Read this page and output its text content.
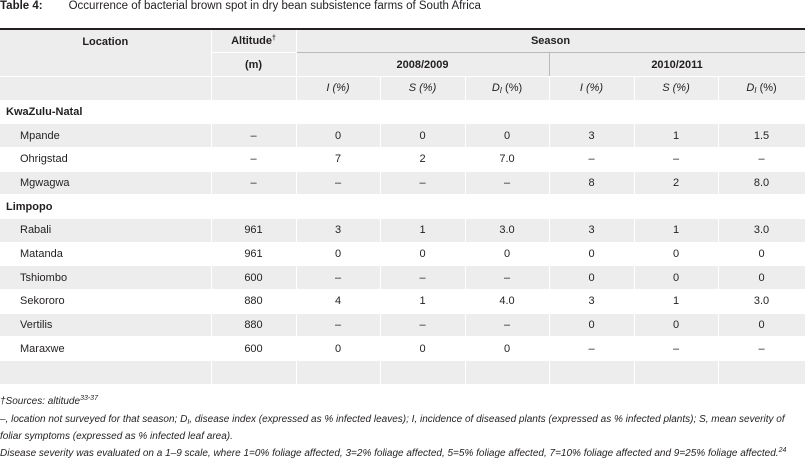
Table 4: Occurrence of bacterial brown spot in dry bean subsistence farms of South Africa
Location	Altitude†	Season					
	(m)	2008/2009			2010/2011		
		I (%)	S (%)	$D_I$ (%)	I (%)	S (%)	$D_I$ (%)
KwaZulu-Natal							
Mpande	–	0	0	0	3	1	1.5
Ohrigstad	–	7	2	7.0	–	–	–
Mgwagwa	–	–	–	–	8	2	8.0
Limpopo							
Rabali	961	3	1	3.0	3	1	3.0
Matanda	961	0	0	0	0	0	0
Tshiombo	600	–	–	–	0	0	0
Sekororo	880	4	1	4.0	3	1	3.0
Vertilis	880	–	–	–	0	0	0
Maraxwe	600	0	0	0	–	–	–

†Sources: altitude$^{33-37}$

–, location not surveyed for that season; $D_I$, disease index (expressed as % infected leaves); I, incidence of diseased plants (expressed as % infected plants); S, mean severity of foliar symptoms (expressed as % infected leaf area).

Disease severity was evaluated on a 1–9 scale, where 1=0% foliage affected, 3=2% foliage affected, 5=5% foliage affected, 7=10% foliage affected and 9=25% foliage affected.$^{24}$
